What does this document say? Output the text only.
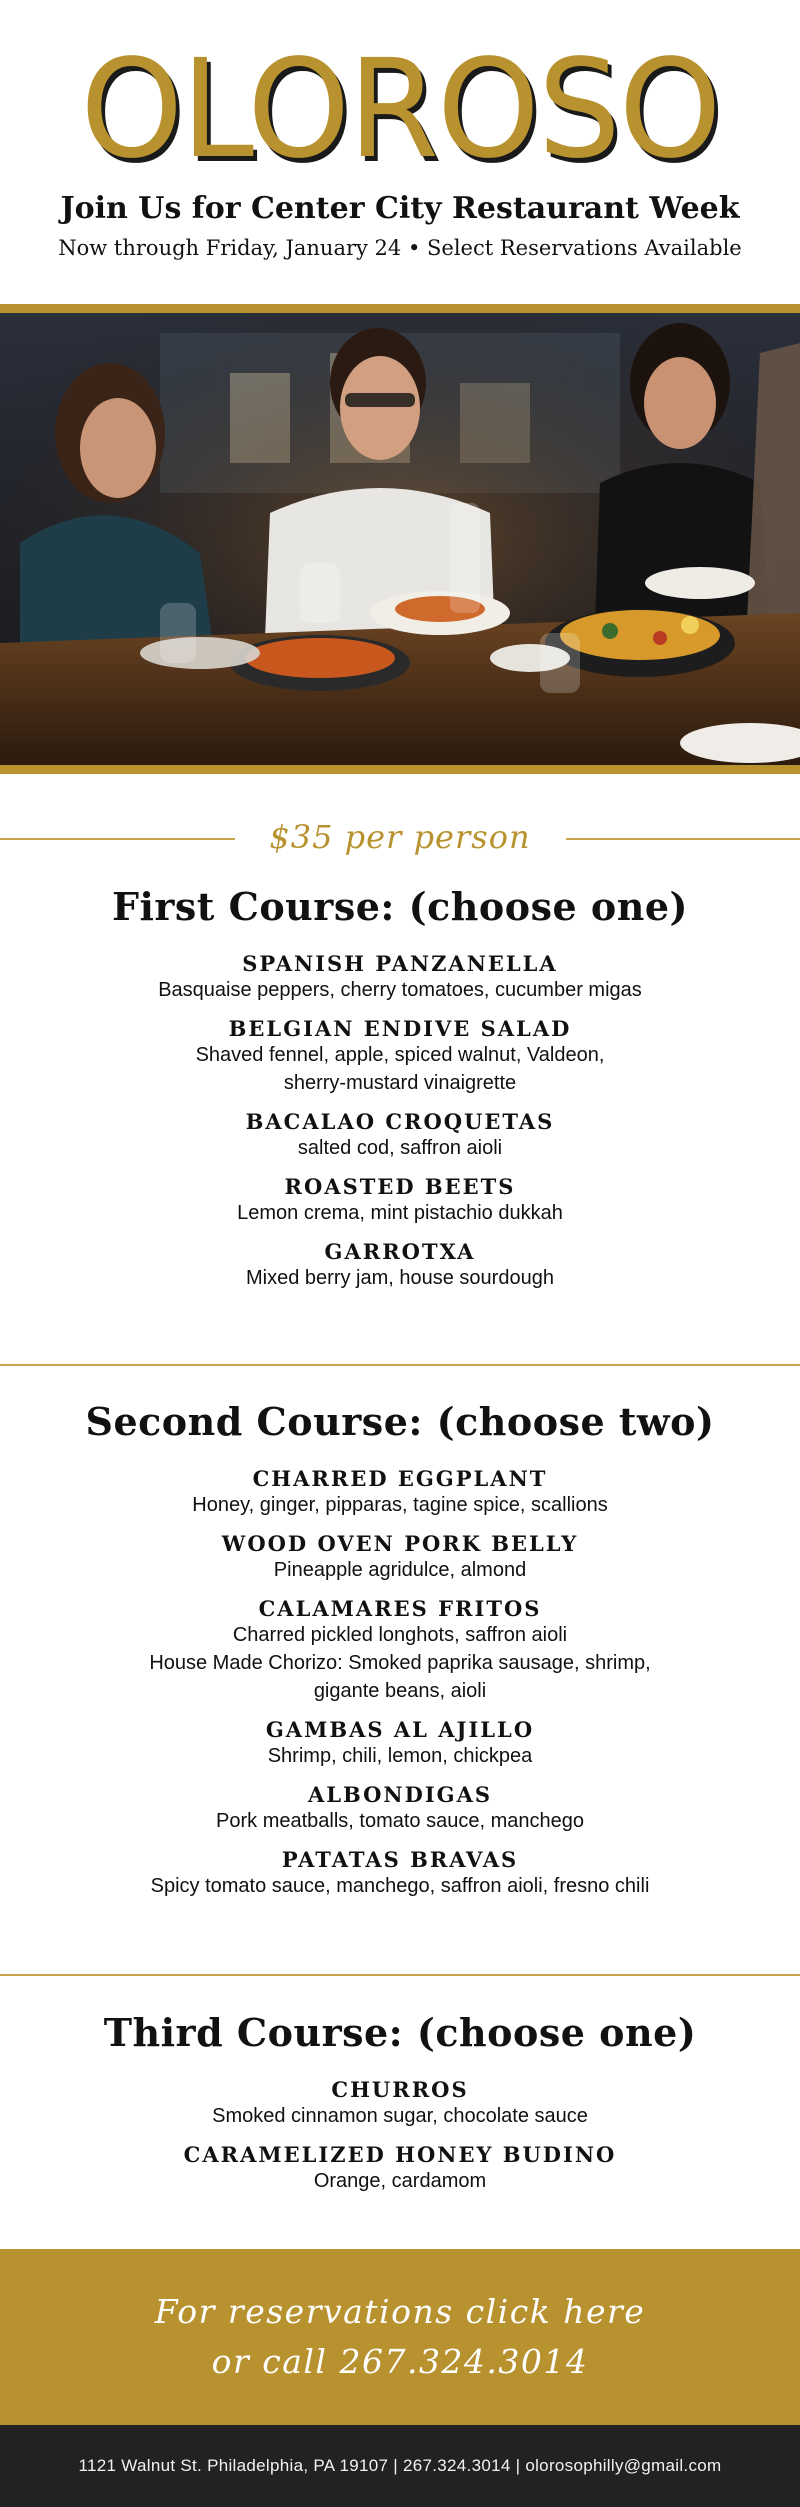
OLOROSO

Join Us for Center City Restaurant Week

Now through Friday, January 24 • Select Reservations Available

$35 per person
First Course: (choose one)

SPANISH PANZANELLA

Basquaise peppers, cherry tomatoes, cucumber migas

BELGIAN ENDIVE SALAD

Shaved fennel, apple, spiced walnut, Valdeon,

sherry-mustard vinaigrette

BACALAO CROQUETAS

salted cod, saffron aioli

ROASTED BEETS

Lemon crema, mint pistachio dukkah

GARROTXA

Mixed berry jam, house sourdough

Second Course: (choose two)

CHARRED EGGPLANT

Honey, ginger, pipparas, tagine spice, scallions

WOOD OVEN PORK BELLY

Pineapple agridulce, almond

CALAMARES FRITOS

Charred pickled longhots, saffron aioli

House Made Chorizo: Smoked paprika sausage, shrimp,

gigante beans, aioli

GAMBAS AL AJILLO

Shrimp, chili, lemon, chickpea

ALBONDIGAS

Pork meatballs, tomato sauce, manchego

PATATAS BRAVAS

Spicy tomato sauce, manchego, saffron aioli, fresno chili

Third Course: (choose one)

CHURROS

Smoked cinnamon sugar, chocolate sauce

CARAMELIZED HONEY BUDINO

Orange, cardamom

For reservations click here

or call 267.324.3014

1121 Walnut St. Philadelphia, PA 19107 | 267.324.3014 | olorosophilly@gmail.com
